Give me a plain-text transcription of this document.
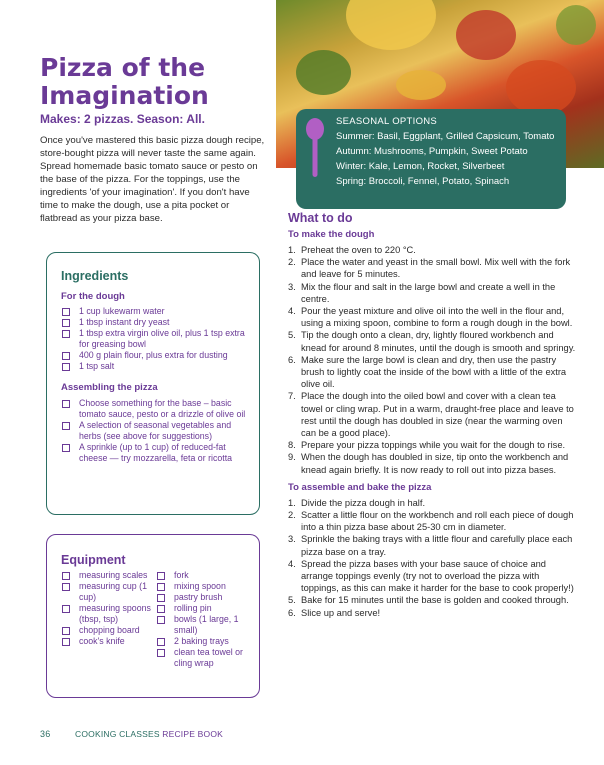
Pizza of the Imagination
Makes: 2 pizzas. Season: All.
Once you've mastered this basic pizza dough recipe, store-bought pizza will never taste the same again. Spread homemade basic tomato sauce or pesto on the base of the pizza. For the toppings, use the ingredients 'of your imagination'. If you don't have time to make the dough, use a pita pocket or flatbread as your pizza base.
SEASONAL OPTIONS
Summer: Basil, Eggplant, Grilled Capsicum, Tomato
Autumn: Mushrooms, Pumpkin, Sweet Potato
Winter: Kale, Lemon, Rocket, Silverbeet
Spring: Broccoli, Fennel, Potato, Spinach
Ingredients
For the dough
1 cup lukewarm water
1 tbsp instant dry yeast
1 tbsp extra virgin olive oil, plus 1 tsp extra for greasing bowl
400 g plain flour, plus extra for dusting
1 tsp salt
Assembling the pizza
Choose something for the base – basic tomato sauce, pesto or a drizzle of olive oil
A selection of seasonal vegetables and herbs (see above for suggestions)
A sprinkle (up to 1 cup) of reduced-fat cheese — try mozzarella, feta or ricotta
Equipment
measuring scales
measuring cup (1 cup)
measuring spoons (tbsp, tsp)
chopping board
cook's knife
fork
mixing spoon
pastry brush
rolling pin
bowls (1 large, 1 small)
2 baking trays
clean tea towel or cling wrap
What to do
To make the dough
1. Preheat the oven to 220 °C.
2. Place the water and yeast in the small bowl. Mix well with the fork and leave for 5 minutes.
3. Mix the flour and salt in the large bowl and create a well in the centre.
4. Pour the yeast mixture and olive oil into the well in the flour and, using a mixing spoon, combine to form a rough dough in the bowl.
5. Tip the dough onto a clean, dry, lightly floured workbench and knead for around 8 minutes, until the dough is smooth and springy.
6. Make sure the large bowl is clean and dry, then use the pastry brush to lightly coat the inside of the bowl with a little of the extra olive oil.
7. Place the dough into the oiled bowl and cover with a clean tea towel or cling wrap. Put in a warm, draught-free place and leave to rest until the dough has doubled in size (near the warming oven can be a good place).
8. Prepare your pizza toppings while you wait for the dough to rise.
9. When the dough has doubled in size, tip onto the workbench and knead again briefly. It is now ready to roll out into pizza bases.
To assemble and bake the pizza
1. Divide the pizza dough in half.
2. Scatter a little flour on the workbench and roll each piece of dough into a thin pizza base about 25-30 cm in diameter.
3. Sprinkle the baking trays with a little flour and carefully place each pizza base on a tray.
4. Spread the pizza bases with your base sauce of choice and arrange toppings evenly (try not to overload the pizza with toppings, as this can make it harder for the base to cook properly!)
5. Bake for 15 minutes until the base is golden and cooked through.
6. Slice up and serve!
36	COOKING CLASSES RECIPE BOOK
